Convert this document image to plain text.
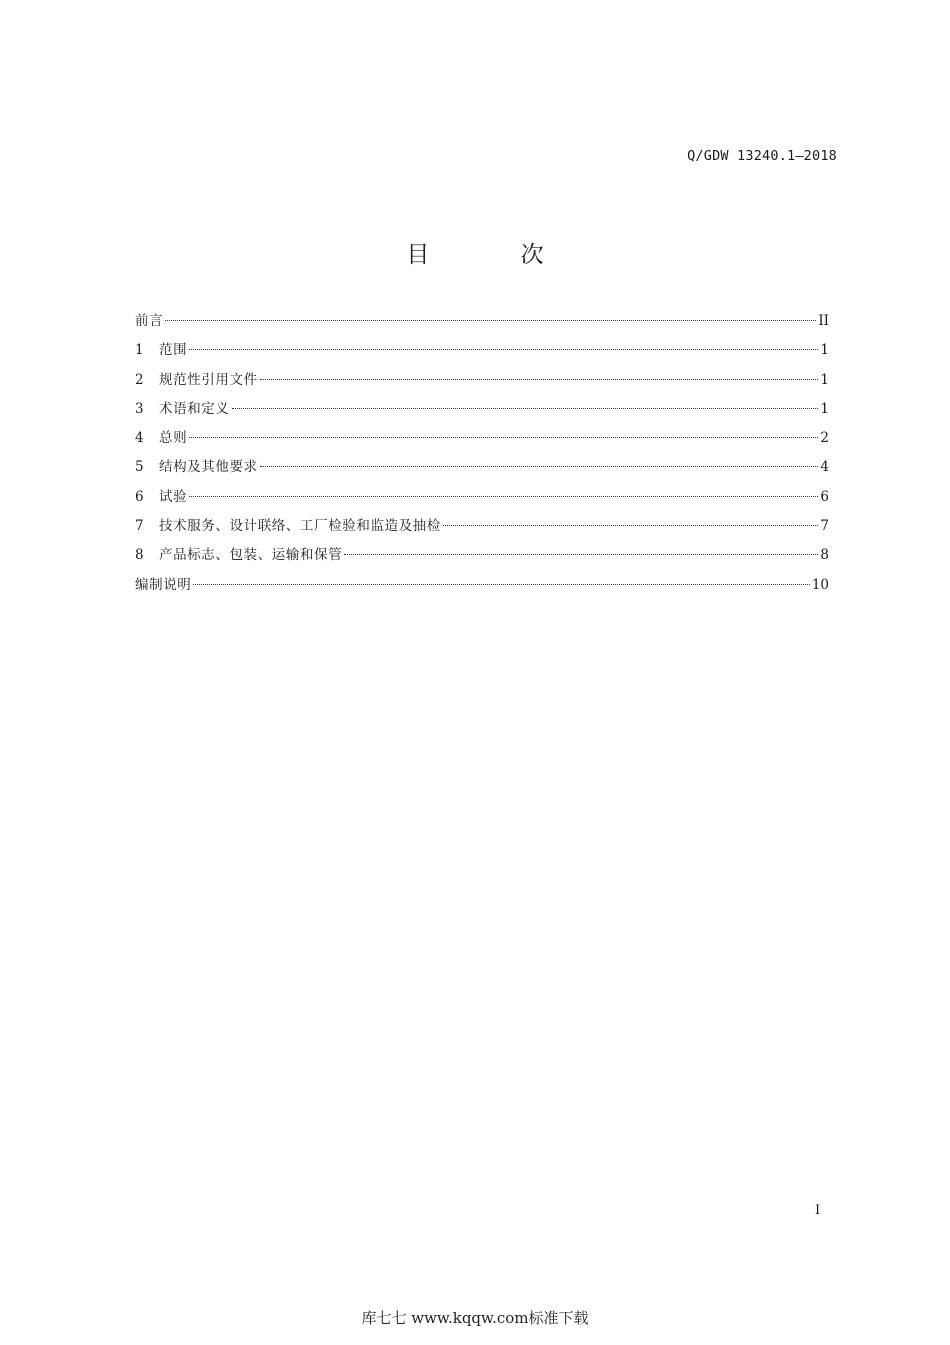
Q/GDW 13240.1—2018
目 次
前言	II
1	范围	1
2	规范性引用文件	1
3	术语和定义	1
4	总则	2
5	结构及其他要求	4
6	试验	6
7	技术服务、设计联络、工厂检验和监造及抽检	7
8	产品标志、包装、运输和保管	8
编制说明	10
I
库七七 www.kqqw.com标准下载
